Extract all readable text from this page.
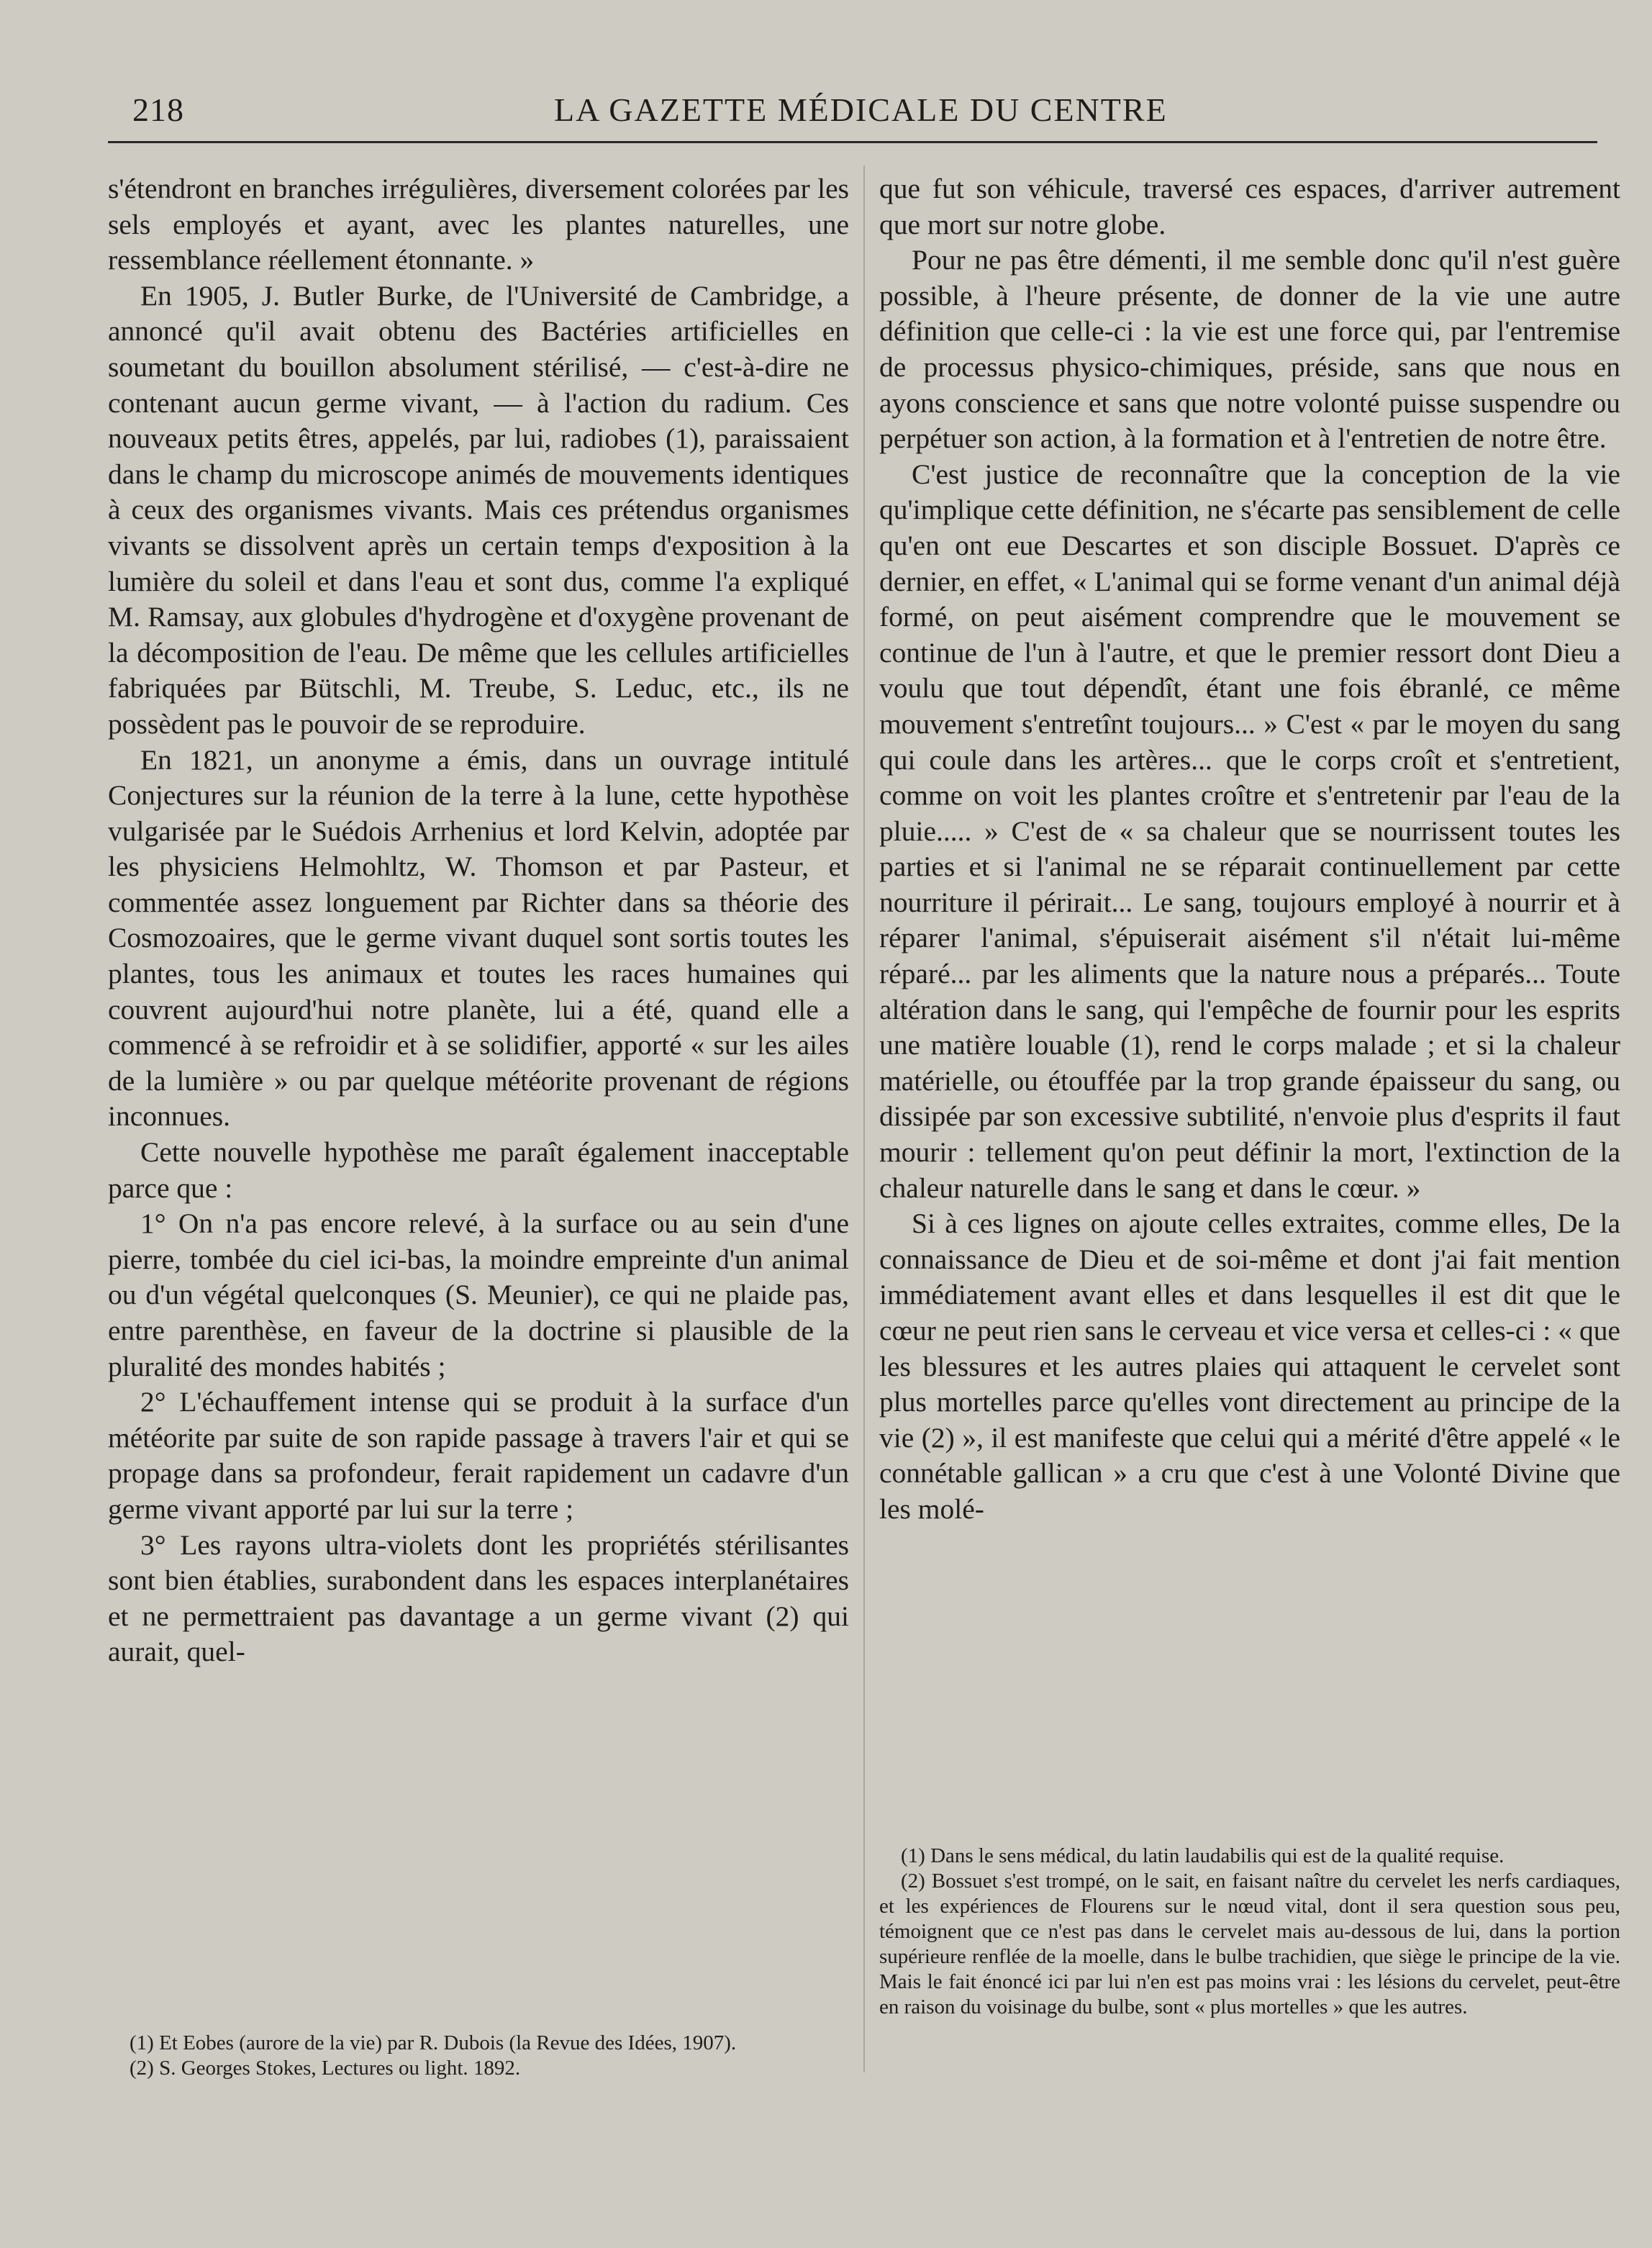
218	LA GAZETTE MÉDICALE DU CENTRE

s'étendront en branches irrégulières, diversement colorées par les sels employés et ayant, avec les plantes naturelles, une ressemblance réellement étonnante. »

En 1905, J. Butler Burke, de l'Université de Cambridge, a annoncé qu'il avait obtenu des Bactéries artificielles en soumetant du bouillon absolument stérilisé, — c'est-à-dire ne contenant aucun germe vivant, — à l'action du radium. Ces nouveaux petits êtres, appelés, par lui, radiobes (1), paraissaient dans le champ du microscope animés de mouvements identiques à ceux des organismes vivants. Mais ces prétendus organismes vivants se dissolvent après un certain temps d'exposition à la lumière du soleil et dans l'eau et sont dus, comme l'a expliqué M. Ramsay, aux globules d'hydrogène et d'oxygène provenant de la décomposition de l'eau. De même que les cellules artificielles fabriquées par Bütschli, M. Treube, S. Leduc, etc., ils ne possèdent pas le pouvoir de se reproduire.

En 1821, un anonyme a émis, dans un ouvrage intitulé Conjectures sur la réunion de la terre à la lune, cette hypothèse vulgarisée par le Suédois Arrhenius et lord Kelvin, adoptée par les physiciens Helmohltz, W. Thomson et par Pasteur, et commentée assez longuement par Richter dans sa théorie des Cosmozoaires, que le germe vivant duquel sont sortis toutes les plantes, tous les animaux et toutes les races humaines qui couvrent aujourd'hui notre planète, lui a été, quand elle a commencé à se refroidir et à se solidifier, apporté « sur les ailes de la lumière » ou par quelque météorite provenant de régions inconnues.

Cette nouvelle hypothèse me paraît également inacceptable parce que :

1° On n'a pas encore relevé, à la surface ou au sein d'une pierre, tombée du ciel ici-bas, la moindre empreinte d'un animal ou d'un végétal quelconques (S. Meunier), ce qui ne plaide pas, entre parenthèse, en faveur de la doctrine si plausible de la pluralité des mondes habités ;

2° L'échauffement intense qui se produit à la surface d'un météorite par suite de son rapide passage à travers l'air et qui se propage dans sa profondeur, ferait rapidement un cadavre d'un germe vivant apporté par lui sur la terre ;

3° Les rayons ultra-violets dont les propriétés stérilisantes sont bien établies, surabondent dans les espaces interplanétaires et ne permettraient pas davantage a un germe vivant (2) qui aurait, quel-

(1) Et Eobes (aurore de la vie) par R. Dubois (la Revue des Idées, 1907).

(2) S. Georges Stokes, Lectures ou light. 1892.

que fut son véhicule, traversé ces espaces, d'arriver autrement que mort sur notre globe.

Pour ne pas être démenti, il me semble donc qu'il n'est guère possible, à l'heure présente, de donner de la vie une autre définition que celle-ci : la vie est une force qui, par l'entremise de processus physico-chimiques, préside, sans que nous en ayons conscience et sans que notre volonté puisse suspendre ou perpétuer son action, à la formation et à l'entretien de notre être.

C'est justice de reconnaître que la conception de la vie qu'implique cette définition, ne s'écarte pas sensiblement de celle qu'en ont eue Descartes et son disciple Bossuet. D'après ce dernier, en effet, « L'animal qui se forme venant d'un animal déjà formé, on peut aisément comprendre que le mouvement se continue de l'un à l'autre, et que le premier ressort dont Dieu a voulu que tout dépendît, étant une fois ébranlé, ce même mouvement s'entretînt toujours... » C'est « par le moyen du sang qui coule dans les artères... que le corps croît et s'entretient, comme on voit les plantes croître et s'entretenir par l'eau de la pluie..... » C'est de « sa chaleur que se nourrissent toutes les parties et si l'animal ne se réparait continuellement par cette nourriture il périrait... Le sang, toujours employé à nourrir et à réparer l'animal, s'épuiserait aisément s'il n'était lui-même réparé... par les aliments que la nature nous a préparés... Toute altération dans le sang, qui l'empêche de fournir pour les esprits une matière louable (1), rend le corps malade ; et si la chaleur matérielle, ou étouffée par la trop grande épaisseur du sang, ou dissipée par son excessive subtilité, n'envoie plus d'esprits il faut mourir : tellement qu'on peut définir la mort, l'extinction de la chaleur naturelle dans le sang et dans le cœur. »

Si à ces lignes on ajoute celles extraites, comme elles, De la connaissance de Dieu et de soi-même et dont j'ai fait mention immédiatement avant elles et dans lesquelles il est dit que le cœur ne peut rien sans le cerveau et vice versa et celles-ci : « que les blessures et les autres plaies qui attaquent le cervelet sont plus mortelles parce qu'elles vont directement au principe de la vie (2) », il est manifeste que celui qui a mérité d'être appelé « le connétable gallican » a cru que c'est à une Volonté Divine que les molé-

(1) Dans le sens médical, du latin laudabilis qui est de la qualité requise.

(2) Bossuet s'est trompé, on le sait, en faisant naître du cervelet les nerfs cardiaques, et les expériences de Flourens sur le nœud vital, dont il sera question sous peu, témoignent que ce n'est pas dans le cervelet mais au-dessous de lui, dans la portion supérieure renflée de la moelle, dans le bulbe trachidien, que siège le principe de la vie. Mais le fait énoncé ici par lui n'en est pas moins vrai : les lésions du cervelet, peut-être en raison du voisinage du bulbe, sont « plus mortelles » que les autres.
